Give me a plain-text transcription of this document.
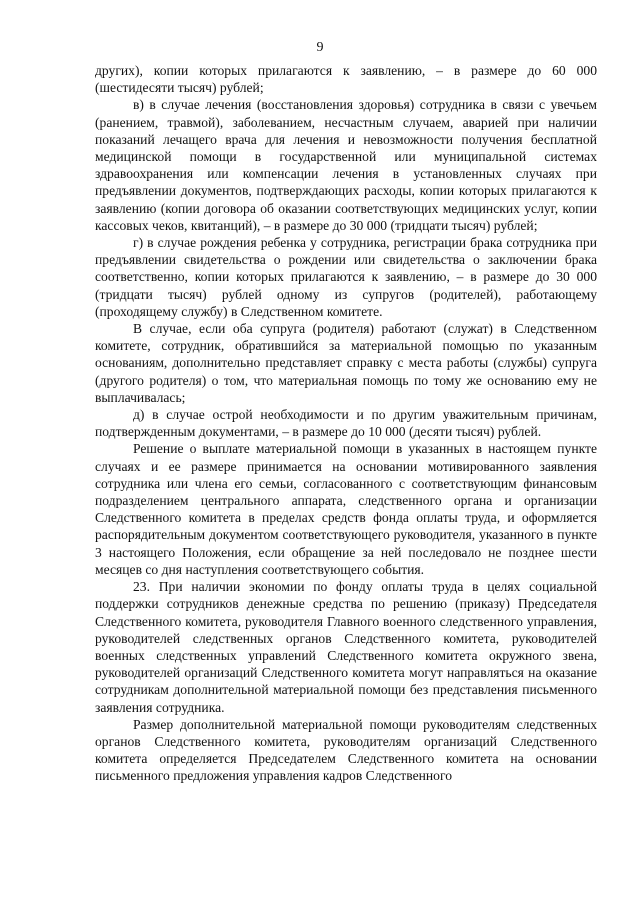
9

других), копии которых прилагаются к заявлению, – в размере до 60 000 (шестидесяти тысяч) рублей;

в) в случае лечения (восстановления здоровья) сотрудника в связи с увечьем (ранением, травмой), заболеванием, несчастным случаем, аварией при наличии показаний лечащего врача для лечения и невозможности получения бесплатной медицинской помощи в государственной или муниципальной системах здравоохранения или компенсации лечения в установленных случаях при предъявлении документов, подтверждающих расходы, копии которых прилагаются к заявлению (копии договора об оказании соответствующих медицинских услуг, копии кассовых чеков, квитанций), – в размере до 30 000 (тридцати тысяч) рублей;

г) в случае рождения ребенка у сотрудника, регистрации брака сотрудника при предъявлении свидетельства о рождении или свидетельства о заключении брака соответственно, копии которых прилагаются к заявлению, – в размере до 30 000 (тридцати тысяч) рублей одному из супругов (родителей), работающему (проходящему службу) в Следственном комитете.

В случае, если оба супруга (родителя) работают (служат) в Следственном комитете, сотрудник, обратившийся за материальной помощью по указанным основаниям, дополнительно представляет справку с места работы (службы) супруга (другого родителя) о том, что материальная помощь по тому же основанию ему не выплачивалась;

д) в случае острой необходимости и по другим уважительным причинам, подтвержденным документами, – в размере до 10 000 (десяти тысяч) рублей.

Решение о выплате материальной помощи в указанных в настоящем пункте случаях и ее размере принимается на основании мотивированного заявления сотрудника или члена его семьи, согласованного с соответствующим финансовым подразделением центрального аппарата, следственного органа и организации Следственного комитета в пределах средств фонда оплаты труда, и оформляется распорядительным документом соответствующего руководителя, указанного в пункте 3 настоящего Положения, если обращение за ней последовало не позднее шести месяцев со дня наступления соответствующего события.

23. При наличии экономии по фонду оплаты труда в целях социальной поддержки сотрудников денежные средства по решению (приказу) Председателя Следственного комитета, руководителя Главного военного следственного управления, руководителей следственных органов Следственного комитета, руководителей военных следственных управлений Следственного комитета окружного звена, руководителей организаций Следственного комитета могут направляться на оказание сотрудникам дополнительной материальной помощи без представления письменного заявления сотрудника.

Размер дополнительной материальной помощи руководителям следственных органов Следственного комитета, руководителям организаций Следственного комитета определяется Председателем Следственного комитета на основании письменного предложения управления кадров Следственного
